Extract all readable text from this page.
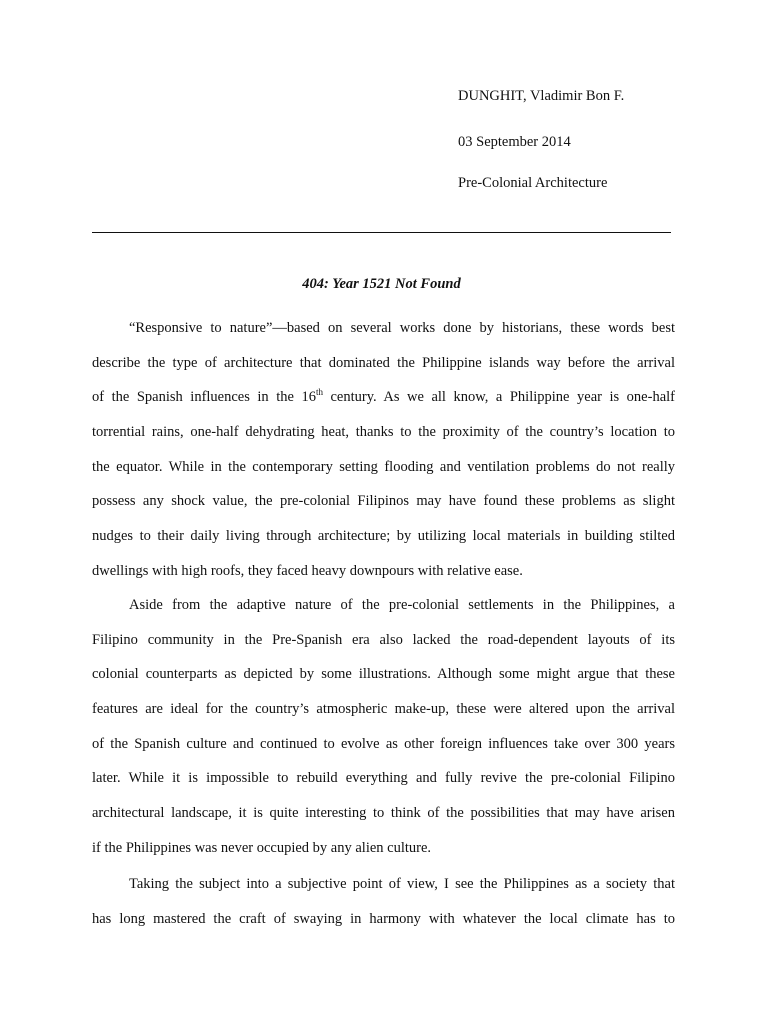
DUNGHIT, Vladimir Bon F.
03 September 2014
Pre-Colonial Architecture
404: Year 1521 Not Found
“Responsive to nature”—based on several works done by historians, these words best
describe the type of architecture that dominated the Philippine islands way before the arrival
of the Spanish influences in the 16th century. As we all know, a Philippine year is one-half
torrential rains, one-half dehydrating heat, thanks to the proximity of the country’s location to
the equator. While in the contemporary setting flooding and ventilation problems do not really
possess any shock value, the pre-colonial Filipinos may have found these problems as slight
nudges to their daily living through architecture; by utilizing local materials in building stilted
dwellings with high roofs, they faced heavy downpours with relative ease.
Aside from the adaptive nature of the pre-colonial settlements in the Philippines, a
Filipino community in the Pre-Spanish era also lacked the road-dependent layouts of its
colonial counterparts as depicted by some illustrations. Although some might argue that these
features are ideal for the country’s atmospheric make-up, these were altered upon the arrival
of the Spanish culture and continued to evolve as other foreign influences take over 300 years
later. While it is impossible to rebuild everything and fully revive the pre-colonial Filipino
architectural landscape, it is quite interesting to think of the possibilities that may have arisen
if the Philippines was never occupied by any alien culture.
Taking the subject into a subjective point of view, I see the Philippines as a society that
has long mastered the craft of swaying in harmony with whatever the local climate has to
